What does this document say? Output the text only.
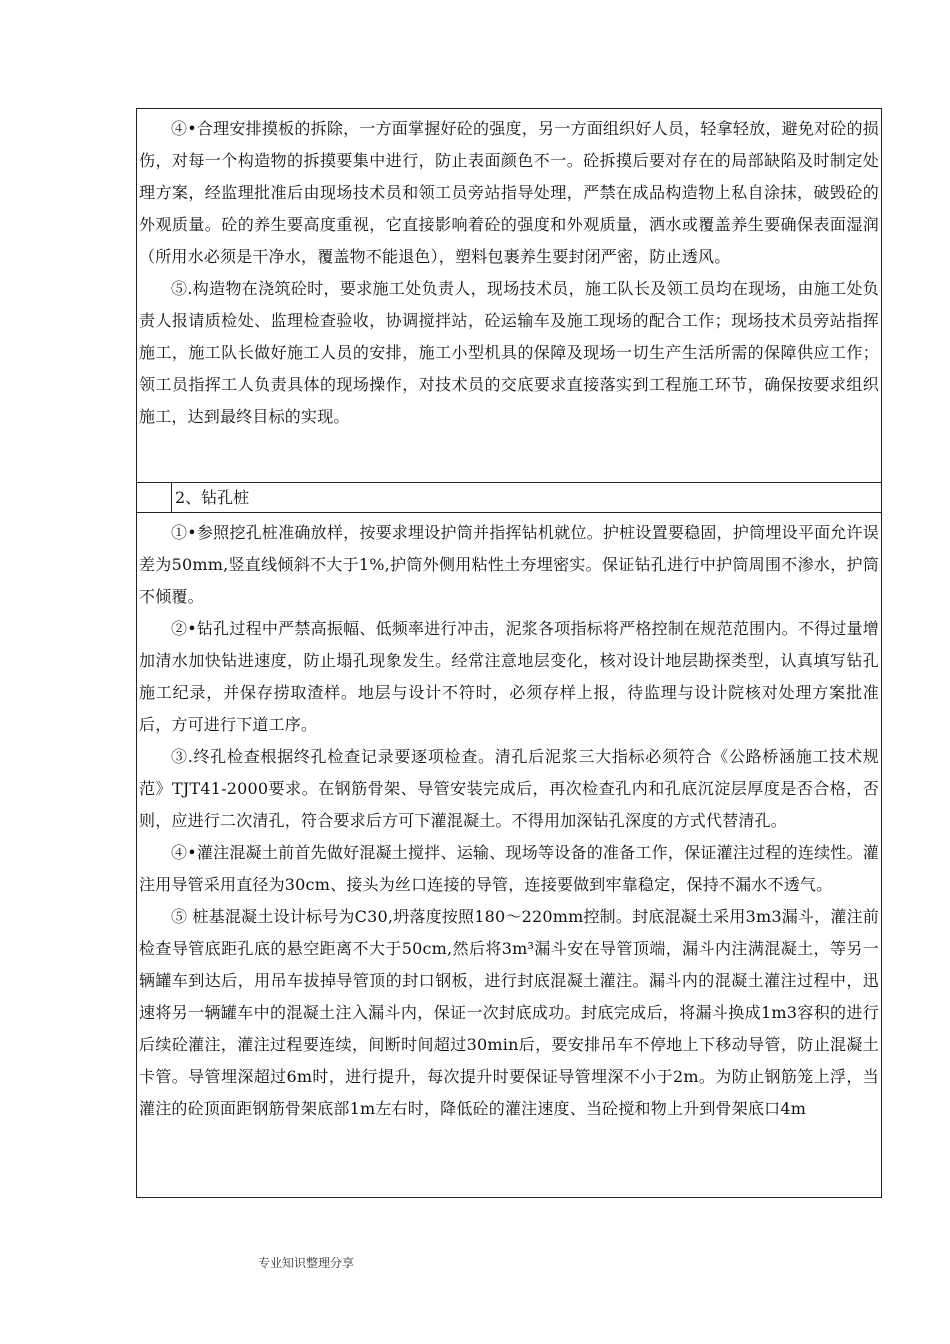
④•合理安排摸板的拆除，一方面掌握好砼的强度，另一方面组织好人员，轻拿轻放，避免对砼的损伤，对每一个构造物的拆摸要集中进行，防止表面颜色不一。砼拆摸后要对存在的局部缺陷及时制定处理方案，经监理批准后由现场技术员和领工员旁站指导处理，严禁在成品构造物上私自涂抹，破毁砼的外观质量。砼的养生要高度重视，它直接影响着砼的强度和外观质量，洒水或覆盖养生要确保表面湿润（所用水必须是干净水，覆盖物不能退色），塑料包裹养生要封闭严密，防止透风。

⑤.构造物在浇筑砼时，要求施工处负责人，现场技术员，施工队长及领工员均在现场，由施工处负责人报请质检处、监理检查验收，协调搅拌站，砼运输车及施工现场的配合工作；现场技术员旁站指挥施工，施工队长做好施工人员的安排，施工小型机具的保障及现场一切生产生活所需的保障供应工作；领工员指挥工人负责具体的现场操作，对技术员的交底要求直接落实到工程施工环节，确保按要求组织施工，达到最终目标的实现。

2、钻孔桩

①•参照挖孔桩准确放样，按要求埋设护筒并指挥钻机就位。护桩设置要稳固，护筒埋设平面允许误差为50mm,竖直线倾斜不大于1%,护筒外侧用粘性土夯埋密实。保证钻孔进行中护筒周围不渗水，护筒不倾覆。

②•钻孔过程中严禁高振幅、低频率进行冲击，泥浆各项指标将严格控制在规范范围内。不得过量增加清水加快钻进速度，防止塌孔现象发生。经常注意地层变化，核对设计地层勘探类型，认真填写钻孔施工纪录，并保存捞取渣样。地层与设计不符时，必须存样上报，待监理与设计院核对处理方案批准后，方可进行下道工序。

③.终孔检查根据终孔检查记录要逐项检查。清孔后泥浆三大指标必须符合《公路桥涵施工技术规范》TJT41-2000要求。在钢筋骨架、导管安装完成后，再次检查孔内和孔底沉淀层厚度是否合格，否则，应进行二次清孔，符合要求后方可下灌混凝土。不得用加深钻孔深度的方式代替清孔。

④•灌注混凝土前首先做好混凝土搅拌、运输、现场等设备的准备工作，保证灌注过程的连续性。灌注用导管采用直径为30cm、接头为丝口连接的导管，连接要做到牢靠稳定，保持不漏水不透气。

⑤ 桩基混凝土设计标号为C30,坍落度按照180～220mm控制。封底混凝土采用3m3漏斗，灌注前检查导管底距孔底的悬空距离不大于50cm,然后将3m³漏斗安在导管顶端，漏斗内注满混凝土，等另一辆罐车到达后，用吊车拔掉导管顶的封口钢板，进行封底混凝土灌注。漏斗内的混凝土灌注过程中，迅速将另一辆罐车中的混凝土注入漏斗内，保证一次封底成功。封底完成后，将漏斗换成1m3容积的进行后续砼灌注，灌注过程要连续，间断时间超过30min后，要安排吊车不停地上下移动导管，防止混凝土卡管。导管埋深超过6m时，进行提升，每次提升时要保证导管埋深不小于2m。为防止钢筋笼上浮，当灌注的砼顶面距钢筋骨架底部1m左右时，降低砼的灌注速度、当砼搅和物上升到骨架底口4m

专业知识整理分享
